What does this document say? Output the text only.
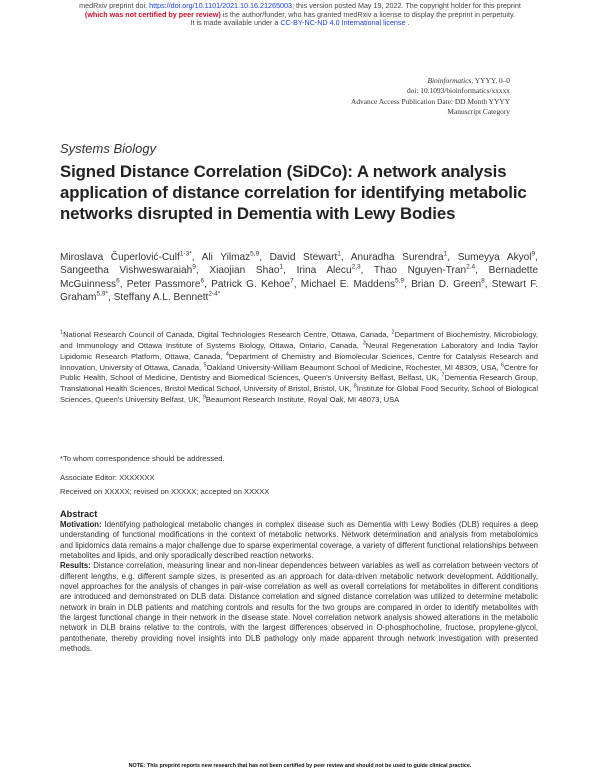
medRxiv preprint doi: https://doi.org/10.1101/2021.10.16.21265003; this version posted May 19, 2022. The copyright holder for this preprint
(which was not certified by peer review) is the author/funder, who has granted medRxiv a license to display the preprint in perpetuity.
It is made available under a CC-BY-NC-ND 4.0 International license .
Bioinformatics, YYYY, 0–0
doi: 10.1093/bioinformatics/xxxxx
Advance Access Publication Date: DD Month YYYY
Manuscript Category
Systems Biology
Signed Distance Correlation (SiDCo): A network analysis application of distance correlation for identifying metabolic networks disrupted in Dementia with Lewy Bodies
Miroslava Čuperlović-Culf$^{1-3*}$, Ali Yilmaz$^{5,9}$, David Stewart$^1$, Anuradha Surendra$^1$, Sumeyya Akyol$^9$, Sangeetha Vishweswaraiah$^9$, Xiaojian Shao$^1$, Irina Alecu$^{2,3}$, Thao Nguyen-Tran$^{2,4}$, Bernadette McGuinness$^6$, Peter Passmore$^6$, Patrick G. Kehoe$^7$, Michael E. Maddens$^{5,9}$, Brian D. Green$^8$, Stewart F. Graham$^{5,9*}$, Steffany A.L. Bennett$^{2-4*}$
$^1$National Research Council of Canada, Digital Technologies Research Centre, Ottawa, Canada, $^2$Department of Biochemistry, Microbiology, and Immunology and Ottawa Institute of Systems Biology, Ottawa, Ontario, Canada, $^3$Neural Regeneration Laboratory and India Taylor Lipidomic Research Platform, Ottawa, Canada, $^4$Department of Chemistry and Biomolecular Sciences, Centre for Catalysis Research and Innovation, University of Ottawa, Canada, $^5$Oakland University-William Beaumont School of Medicine, Rochester, MI 48309, USA, $^6$Centre for Public Health, School of Medicine, Dentistry and Biomedical Sciences, Queen's University Belfast, Belfast, UK, $^7$Dementia Research Group, Translational Health Sciences, Bristol Medical School, University of Bristol, Bristol, UK, $^8$Institute for Global Food Security, School of Biological Sciences, Queen's University Belfast, UK, $^9$Beaumont Research Institute, Royal Oak, MI 48073, USA
*To whom correspondence should be addressed.
Associate Editor: XXXXXXX
Received on XXXXX; revised on XXXXX; accepted on XXXXX
Abstract
Motivation: Identifying pathological metabolic changes in complex disease such as Dementia with Lewy Bodies (DLB) requires a deep understanding of functional modifications in the context of metabolic networks. Network determination and analysis from metabolomics and lipidomics data remains a major challenge due to sparse experimental coverage, a variety of different functional relationships between metabolites and lipids, and only sporadically described reaction networks.
Results: Distance correlation, measuring linear and non-linear dependences between variables as well as correlation between vectors of different lengths, e.g. different sample sizes, is presented as an approach for data-driven metabolic network development. Additionally, novel approaches for the analysis of changes in pair-wise correlation as well as overall correlations for metabolites in different conditions are introduced and demonstrated on DLB data. Distance correlation and signed distance correlation was utilized to determine metabolic network in brain in DLB patients and matching controls and results for the two groups are compared in order to identify metabolites with the largest functional change in their network in the disease state. Novel correlation network analysis showed alterations in the metabolic network in DLB brains relative to the controls, with the largest differences observed in O-phosphocholine, fructose, propylene-glycol, pantothenate, thereby providing novel insights into DLB pathology only made apparent through network investigation with presented methods.
NOTE: This preprint reports new research that has not been certified by peer review and should not be used to guide clinical practice.
